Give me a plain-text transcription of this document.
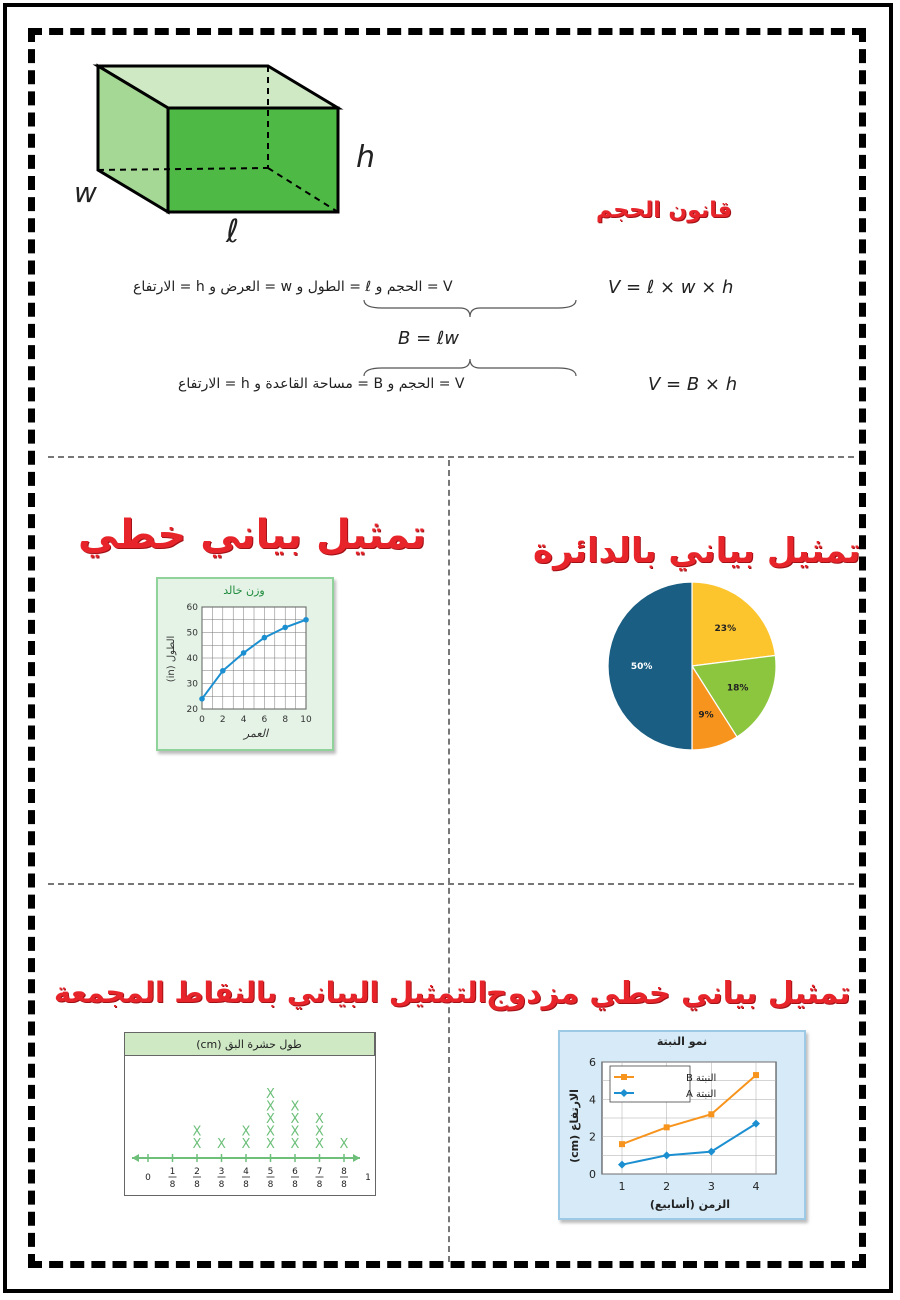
w
h
ℓ
قانون الحجم
V = ℓ × w × h
V = الحجم و ℓ = الطول و w = العرض و h = الارتفاع
B = ℓw
V = B × h
V = الحجم و B = مساحة القاعدة و h = الارتفاع
تمثيل بياني خطي
وزن خالد
العمر
الطول (in)
20
30
40
50
60
0 2 4 6 8 10
تمثيل بياني بالدائرة
23%
18%
9%
50%
التمثيل البياني بالنقاط المجمعة
طول حشرة البق (cm)
0
1
8
2
8
X
X
3
8
X
4
8
X
X
5
8
X
X
X
X
X
6
8
X
X
X
X
7
8
X
X
X
8
8
X
1
تمثيل بياني خطي مزدوج
نمو النبتة
الزمن (أسابيع)
الارتفاع (cm)
0
2
4
6
1	2	3	4
النبتة B
النبتة A
